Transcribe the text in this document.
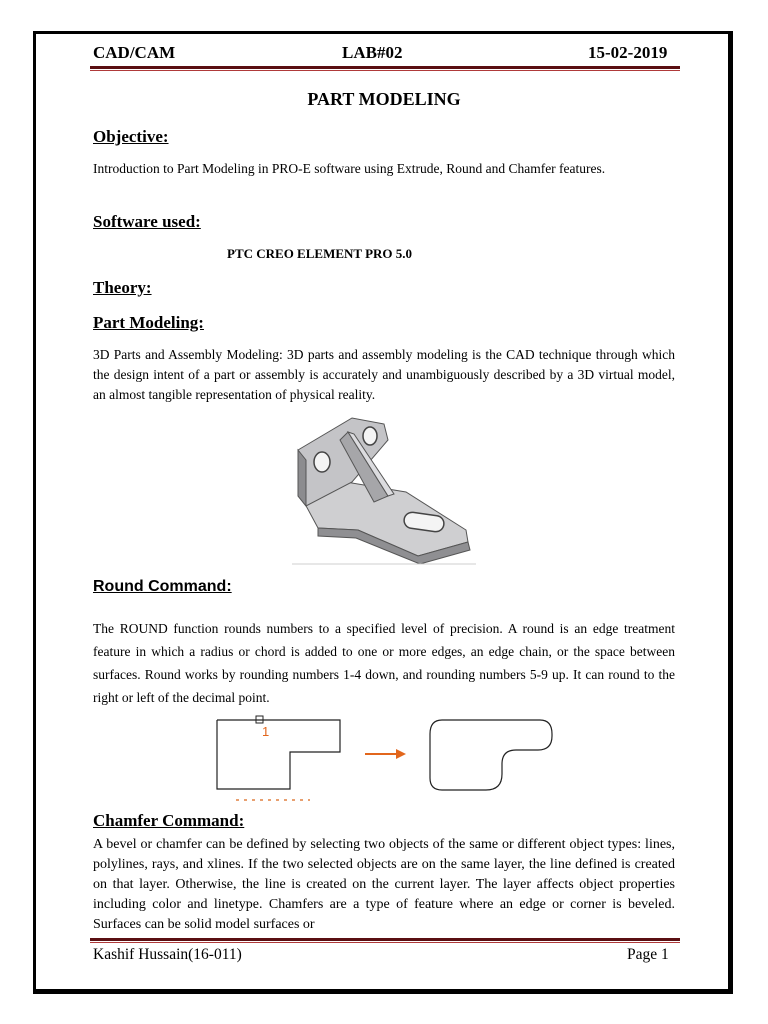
CAD/CAM	LAB#02	15-02-2019
PART MODELING
Objective:
Introduction to Part Modeling in PRO-E software using Extrude, Round and Chamfer features.
Software used:
PTC CREO ELEMENT PRO 5.0
Theory:
Part Modeling:
3D Parts and Assembly Modeling: 3D parts and assembly modeling is the CAD technique through which the design intent of a part or assembly is accurately and unambiguously described by a 3D virtual model, an almost tangible representation of physical reality.
Round Command:
The ROUND function rounds numbers to a specified level of precision. A round is an edge treatment feature in which a radius or chord is added to one or more edges, an edge chain, or the space between surfaces. Round works by rounding numbers 1-4 down, and rounding numbers 5-9 up. It can round to the right or left of the decimal point.
1
Chamfer Command:
A bevel or chamfer can be defined by selecting two objects of the same or different object types: lines, polylines, rays, and xlines. If the two selected objects are on the same layer, the line defined is created on that layer. Otherwise, the line is created on the current layer. The layer affects object properties including color and linetype. Chamfers are a type of feature where an edge or corner is beveled. Surfaces can be solid model surfaces or
Kashif Hussain(16-011)	Page 1
